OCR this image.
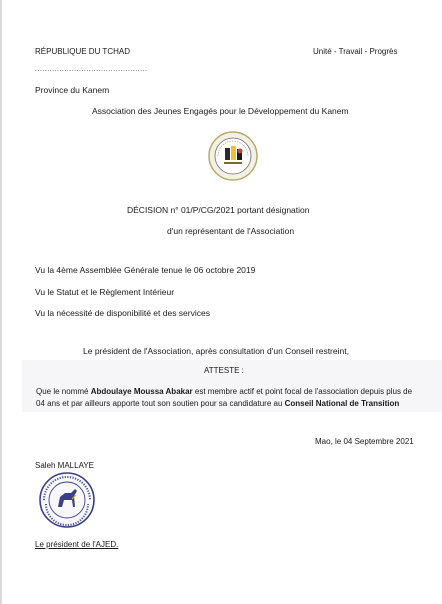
RÉPUBLIQUE DU TCHAD	Unité - Travail - Progrès
..............................................
Province du Kanem
Association des Jeunes Engagés pour le Développement du Kanem
DÉCISION n° 01/P/CG/2021 portant désignation
d'un représentant de l'Association
Vu la 4ème Assemblée Générale tenue le 06 octobre 2019
Vu le Statut et le Règlement Intérieur
Vu la nécessité de disponibilité et des services
Le président de l'Association, après consultation d'un Conseil restreint,
ATTESTE :
Que le nommé Abdoulaye Moussa Abakar est membre actif et point focal de l'association depuis plus de 04 ans et par ailleurs apporte tout son soutien pour sa candidature au Conseil National de Transition
Mao, le 04 Septembre 2021
Saleh MALLAYE
Le président de l'AJED.
